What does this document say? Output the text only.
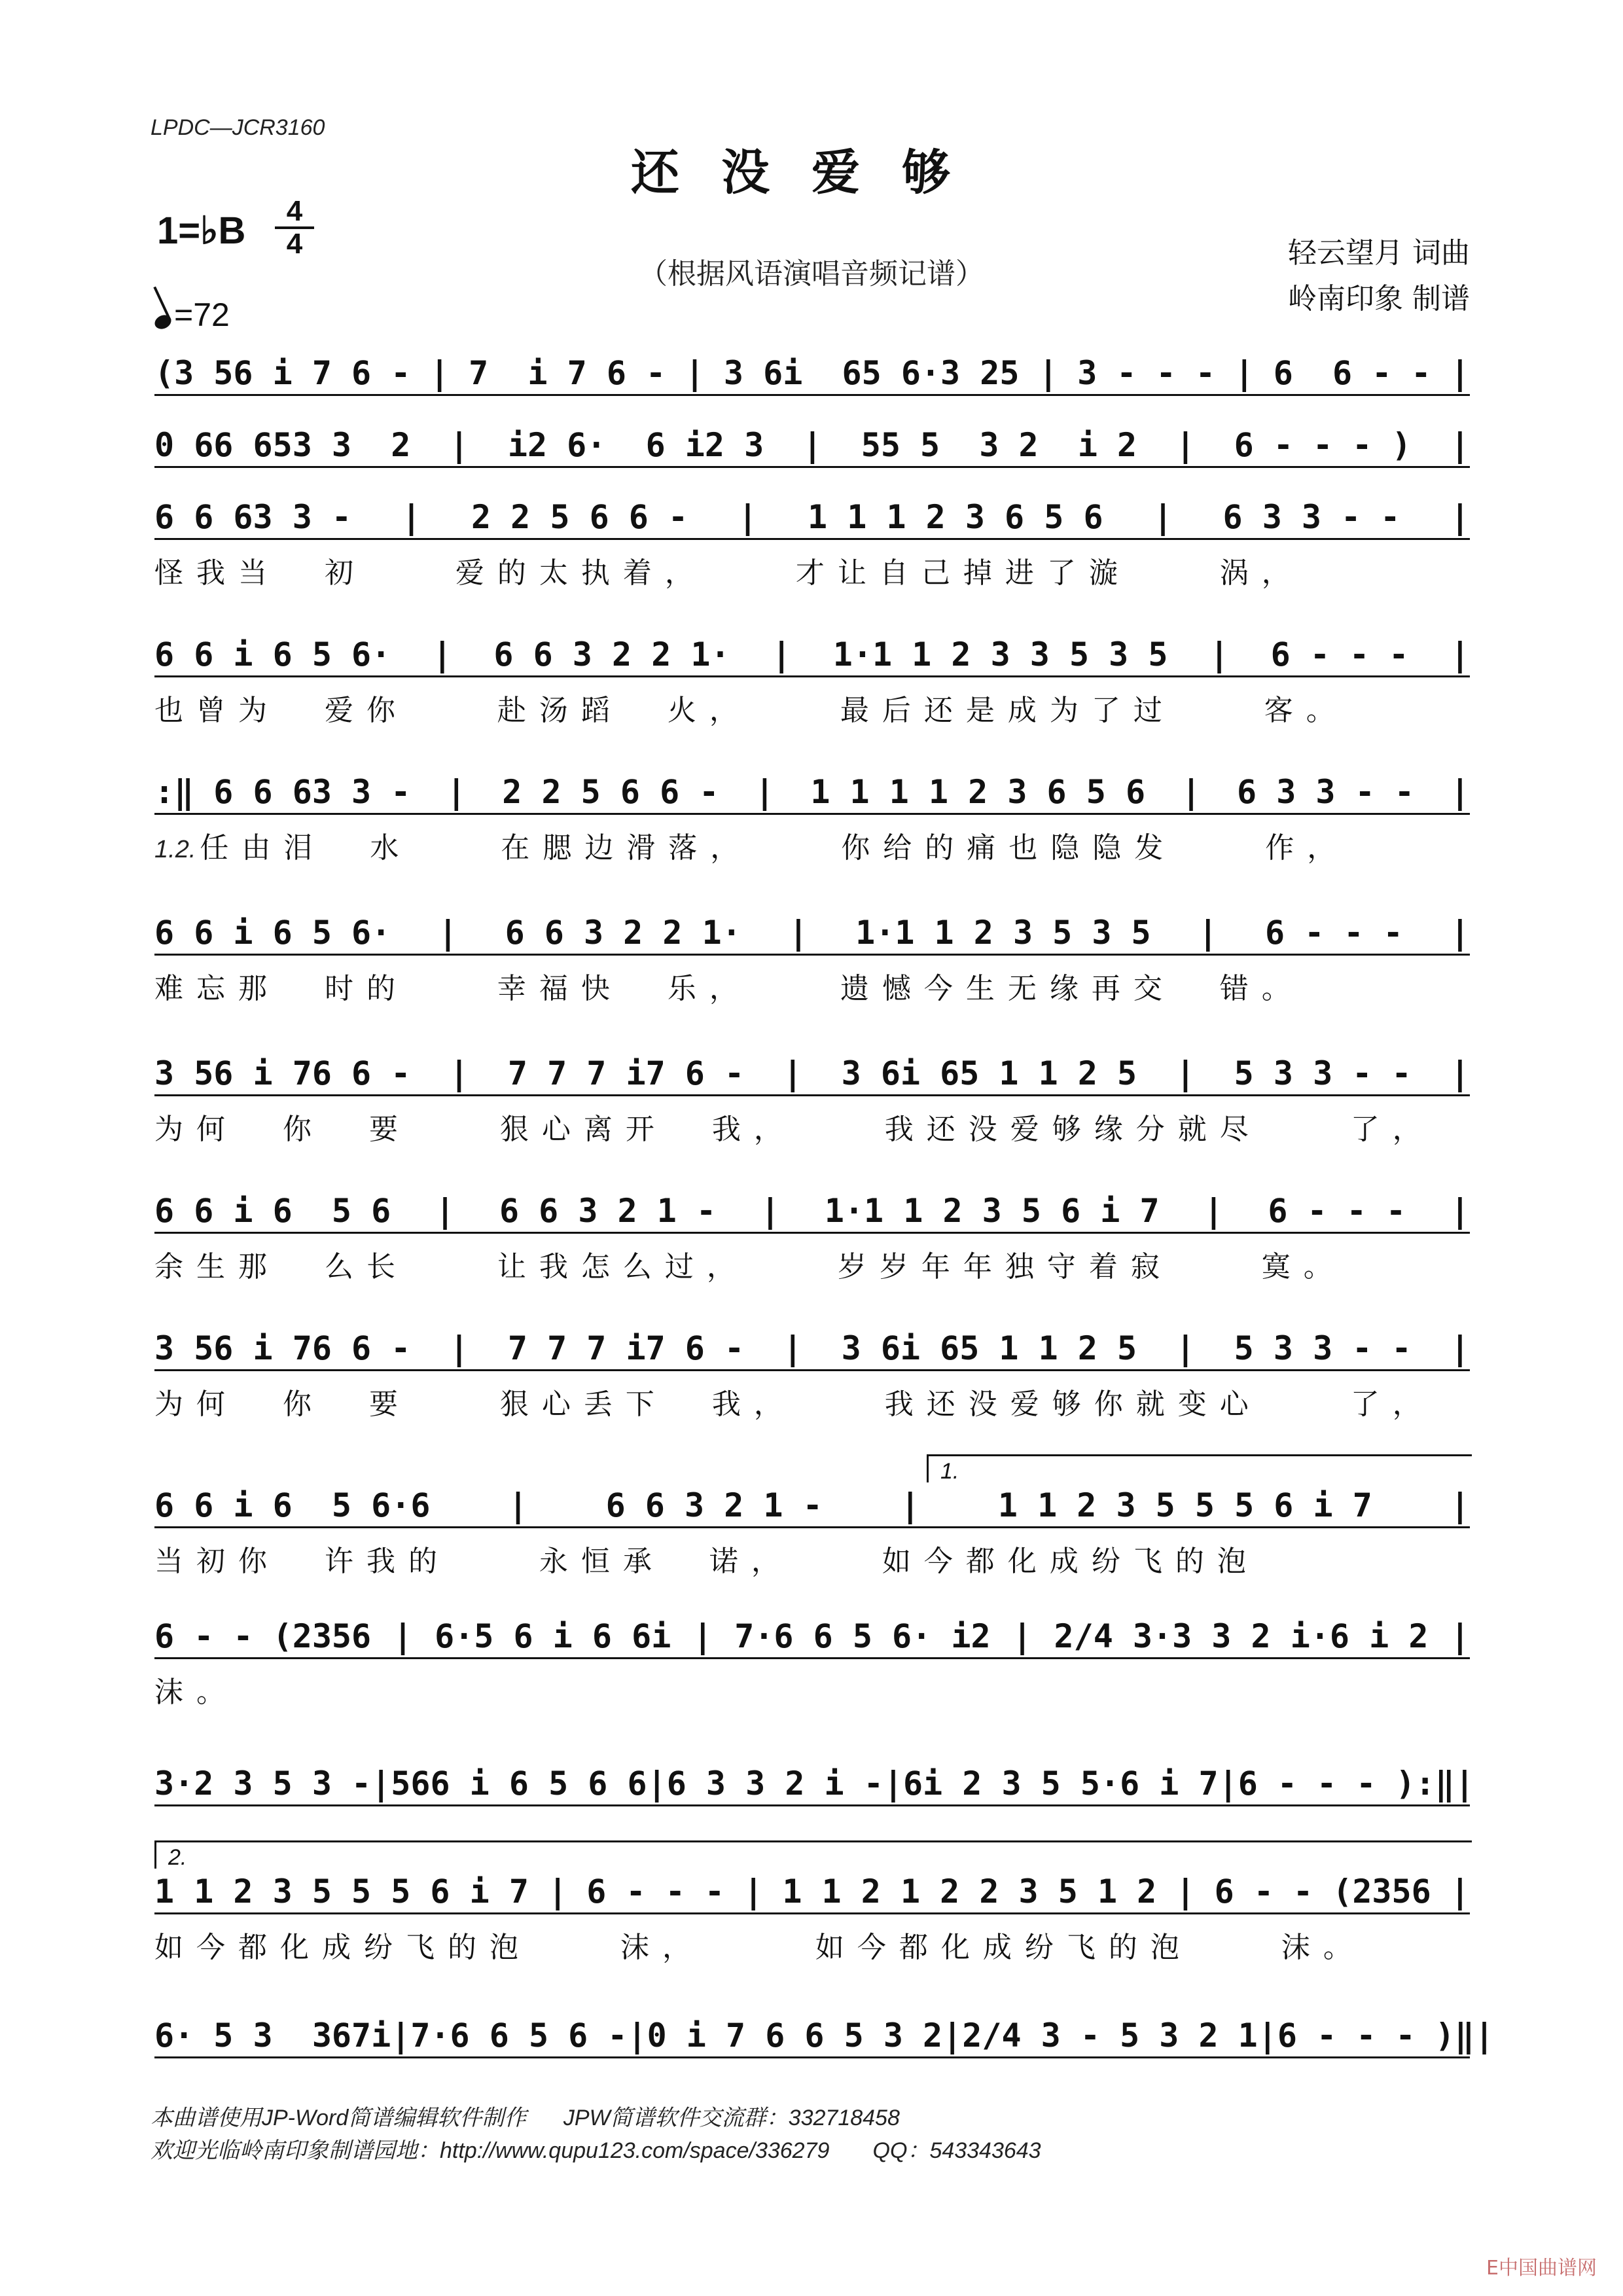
LPDC—JCR3160
还没爱够
（根据风语演唱音频记谱）
1=♭B	4
4
=72
轻云望月 词曲
岭南印象 制谱
(3 56 i 7 6 - | 7  i 7 6 - | 3 6i  65 6·3 25 | 3 - - - | 6  6 - - |
0 66 653 3  2 | i2 6·  6 i2 3 | 55 5  3 2  i 2 | 6 - - - ) |
6 6 63 3 - | 2 2 5 6 6 - | 1 1 1 2 3 6 5 6 | 6 3 3 - - |
怪我当  初    爱的太执着，    才让自己掉进了漩    涡，
6 6 i 6 5 6· | 6 6 3 2 2 1· | 1·1 1 2 3 3 5 3 5 | 6 - - - |
也曾为  爱你    赴汤蹈  火，    最后还是成为了过    客。
:‖ 6 6 63 3 - | 2 2 5 6 6 - | 1 1 1 1 2 3 6 5 6 | 6 3 3 - - |
1.2. 任由泪  水    在腮边滑落，    你给的痛也隐隐发    作，
6 6 i 6 5 6· | 6 6 3 2 2 1· | 1·1 1 2 3 5 3 5 | 6 - - - |
难忘那  时的    幸福快  乐，    遗憾今生无缘再交  错。
3 56 i 76 6 - | 7 7 7 i7 6 - | 3 6i 65 1 1 2 5 | 5 3 3 - - |
为何  你  要    狠心离开  我，    我还没爱够缘分就尽    了，
6 6 i 6  5 6 | 6 6 3 2 1 - | 1·1 1 2 3 5 6 i 7 | 6 - - - |
余生那  么长    让我怎么过，    岁岁年年独守着寂    寞。
3 56 i 76 6 - | 7 7 7 i7 6 - | 3 6i 65 1 1 2 5 | 5 3 3 - - |
为何  你  要    狠心丢下  我，    我还没爱够你就变心    了，
1.
6 6 i 6  5 6·6 | 6 6 3 2 1 - | 1 1 2 3 5 5 5 6 i 7 |
当初你  许我的    永恒承  诺，    如今都化成纷飞的泡
6 - - (2356 | 6·5 6 i 6 6i | 7·6 6 5 6· i2 | 2/4 3·3 3 2 i·6 i 2 |
沫。
3·2 3 5 3 - | 566 i 6 5 6 6 | 6 3 3 2 i - | 6i 2 3 5 5·6 i 7 | 6 - - - ):‖ |
2.
1 1 2 3 5 5 5 6 i 7 | 6 - - - | 1 1 2 1 2 2 3 5 1 2 | 6 - - (2356 |
如今都化成纷飞的泡    沫，     如今都化成纷飞的泡    沫。
6· 5 3  367i | 7·6 6 5 6 - | 0 i 7 6 6 5 3 2 | 2/4 3 - 5 3 2 1 | 6 - - - )‖ |
本曲谱使用JP-Word简谱编辑软件制作      JPW简谱软件交流群：332718458
欢迎光临岭南印象制谱园地：http://www.qupu123.com/space/336279       QQ：543343643
E中国曲谱网
